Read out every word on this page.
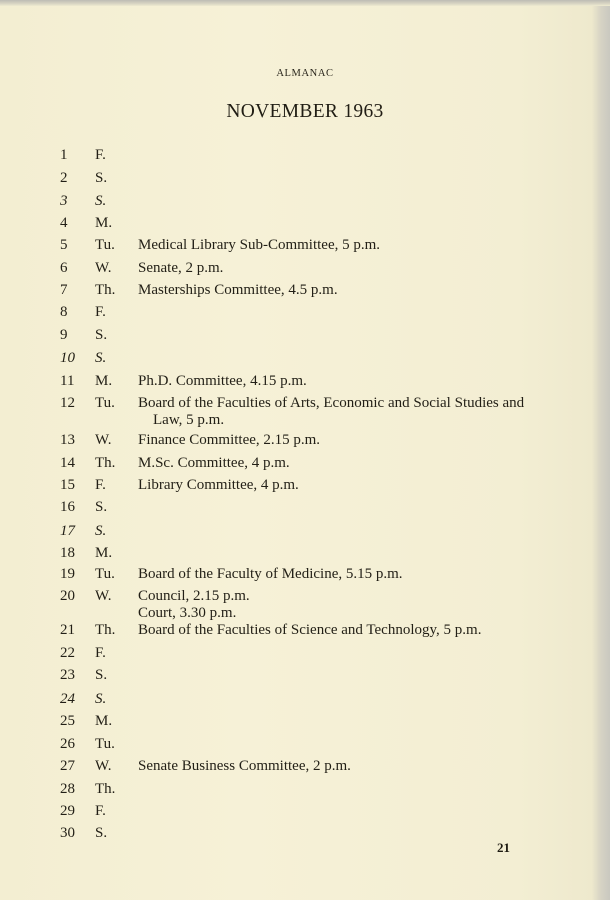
ALMANAC
NOVEMBER 1963
1	F.
2	S.
3	S.
4	M.
5	Tu.	Medical Library Sub-Committee, 5 p.m.
6	W.	Senate, 2 p.m.
7	Th.	Masterships Committee, 4.5 p.m.
8	F.
9	S.
10	S.
11	M.	Ph.D. Committee, 4.15 p.m.
12	Tu.	Board of the Faculties of Arts, Economic and Social Studies and
Law, 5 p.m.
13	W.	Finance Committee, 2.15 p.m.
14	Th.	M.Sc. Committee, 4 p.m.
15	F.	Library Committee, 4 p.m.
16	S.
17	S.
18	M.
19	Tu.	Board of the Faculty of Medicine, 5.15 p.m.
20	W.	Council, 2.15 p.m.
Court, 3.30 p.m.
21	Th.	Board of the Faculties of Science and Technology, 5 p.m.
22	F.
23	S.
24	S.
25	M.
26	Tu.
27	W.	Senate Business Committee, 2 p.m.
28	Th.
29	F.
30	S.
21
